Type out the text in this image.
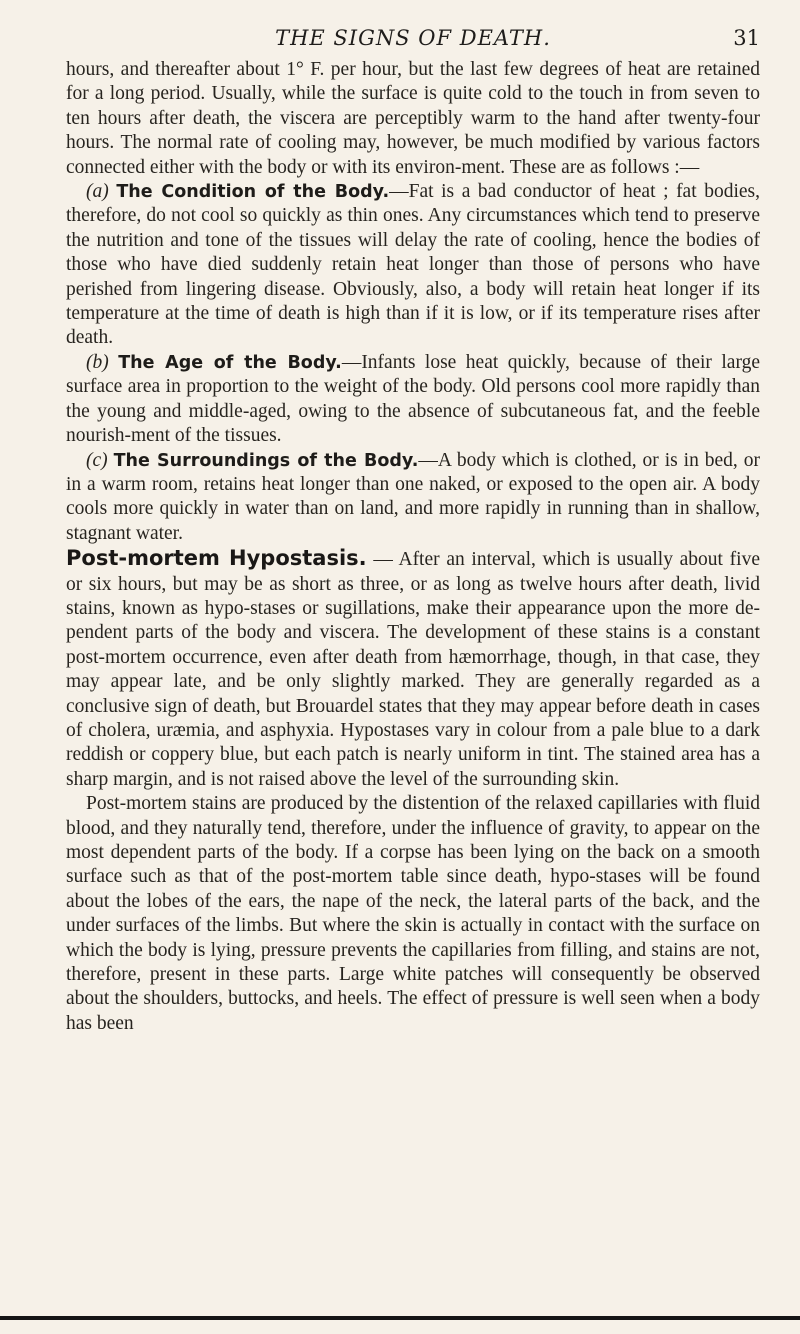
THE SIGNS OF DEATH.	31

hours, and thereafter about 1° F. per hour, but the last few degrees of heat are retained for a long period. Usually, while the surface is quite cold to the touch in from seven to ten hours after death, the viscera are perceptibly warm to the hand after twenty-four hours. The normal rate of cooling may, however, be much modified by various factors connected either with the body or with its environ-ment. These are as follows :—

(a) The Condition of the Body.—Fat is a bad conductor of heat ; fat bodies, therefore, do not cool so quickly as thin ones. Any circumstances which tend to preserve the nutrition and tone of the tissues will delay the rate of cooling, hence the bodies of those who have died suddenly retain heat longer than those of persons who have perished from lingering disease. Obviously, also, a body will retain heat longer if its temperature at the time of death is high than if it is low, or if its temperature rises after death.

(b) The Age of the Body.—Infants lose heat quickly, because of their large surface area in proportion to the weight of the body. Old persons cool more rapidly than the young and middle-aged, owing to the absence of subcutaneous fat, and the feeble nourish-ment of the tissues.

(c) The Surroundings of the Body.—A body which is clothed, or is in bed, or in a warm room, retains heat longer than one naked, or exposed to the open air. A body cools more quickly in water than on land, and more rapidly in running than in shallow, stagnant water.

Post-mortem Hypostasis. — After an interval, which is usually about five or six hours, but may be as short as three, or as long as twelve hours after death, livid stains, known as hypo-stases or sugillations, make their appearance upon the more de-pendent parts of the body and viscera. The development of these stains is a constant post-mortem occurrence, even after death from hæmorrhage, though, in that case, they may appear late, and be only slightly marked. They are generally regarded as a conclusive sign of death, but Brouardel states that they may appear before death in cases of cholera, uræmia, and asphyxia. Hypostases vary in colour from a pale blue to a dark reddish or coppery blue, but each patch is nearly uniform in tint. The stained area has a sharp margin, and is not raised above the level of the surrounding skin.

Post-mortem stains are produced by the distention of the relaxed capillaries with fluid blood, and they naturally tend, therefore, under the influence of gravity, to appear on the most dependent parts of the body. If a corpse has been lying on the back on a smooth surface such as that of the post-mortem table since death, hypo-stases will be found about the lobes of the ears, the nape of the neck, the lateral parts of the back, and the under surfaces of the limbs. But where the skin is actually in contact with the surface on which the body is lying, pressure prevents the capillaries from filling, and stains are not, therefore, present in these parts. Large white patches will consequently be observed about the shoulders, buttocks, and heels. The effect of pressure is well seen when a body has been
